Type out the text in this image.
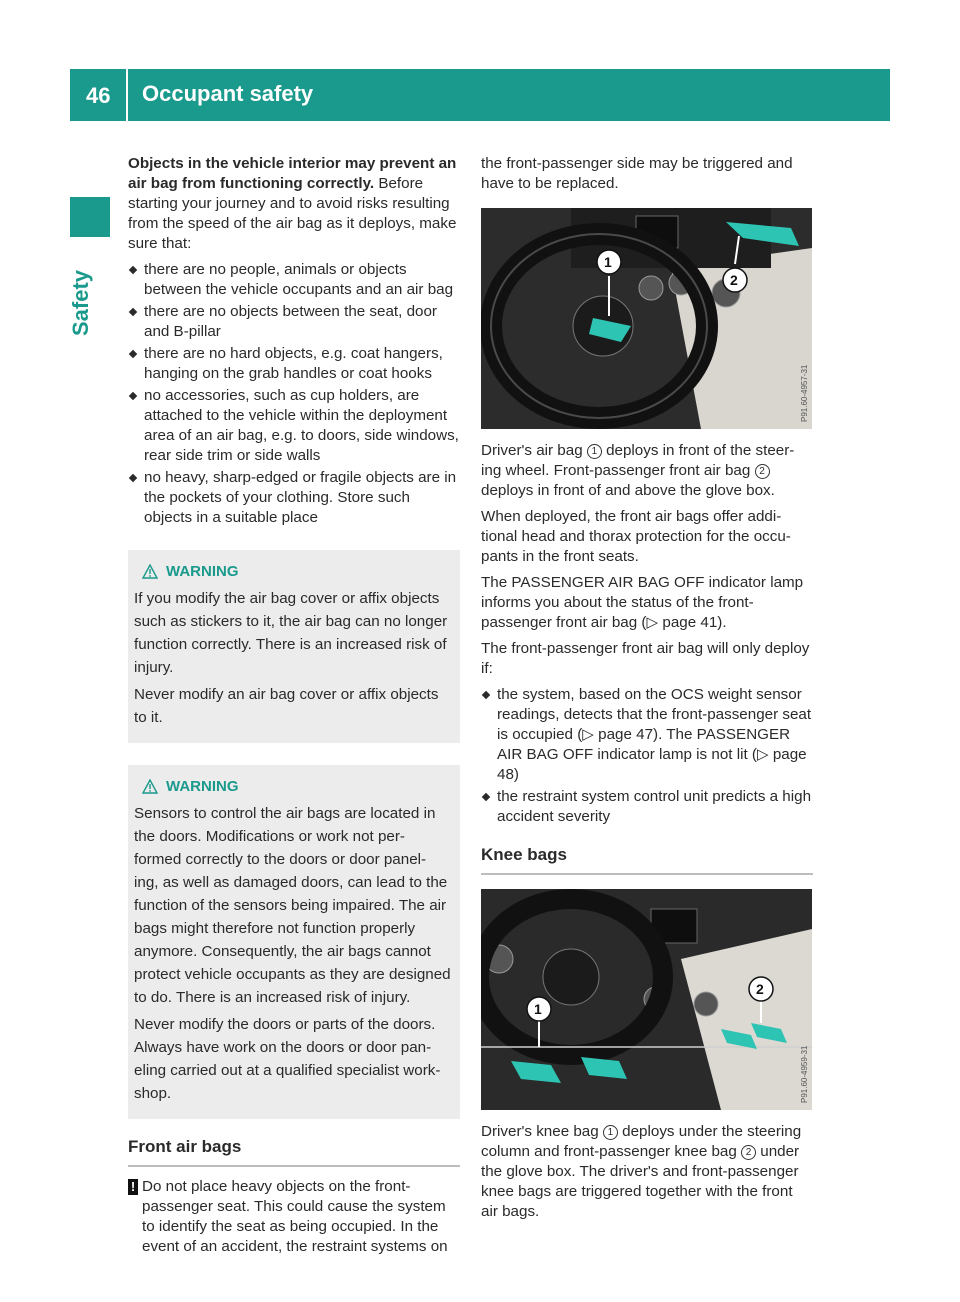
46 Occupant safety
Safety

Objects in the vehicle interior may prevent an air bag from functioning correctly. Before starting your journey and to avoid risks resulting from the speed of the air bag as it deploys, make sure that:

there are no people, animals or objects between the vehicle occupants and an air bag
there are no objects between the seat, door and B-pillar
there are no hard objects, e.g. coat hangers, hanging on the grab handles or coat hooks
no accessories, such as cup holders, are attached to the vehicle within the deployment area of an air bag, e.g. to doors, side windows, rear side trim or side walls
no heavy, sharp-edged or fragile objects are in the pockets of your clothing. Store such objects in a suitable place
WARNING

If you modify the air bag cover or affix objects such as stickers to it, the air bag can no longer function correctly. There is an increased risk of injury.

Never modify an air bag cover or affix objects to it.

WARNING

Sensors to control the air bags are located in the doors. Modifications or work not per- formed correctly to the doors or door panel- ing, as well as damaged doors, can lead to the function of the sensors being impaired. The air bags might therefore not function properly anymore. Consequently, the air bags cannot protect vehicle occupants as they are designed to do. There is an increased risk of injury.

Never modify the doors or parts of the doors. Always have work on the doors or door pan- eling carried out at a qualified specialist work- shop.

Front air bags
! Do not place heavy objects on the front- passenger seat. This could cause the system to identify the seat as being occupied. In the event of an accident, the restraint systems on

the front-passenger side may be triggered and have to be replaced.

1
2
P91.60-4957-31

Driver's air bag 1 deploys in front of the steer- ing wheel. Front-passenger front air bag 2 deploys in front of and above the glove box.

When deployed, the front air bags offer addi- tional head and thorax protection for the occu- pants in the front seats.

The PASSENGER AIR BAG OFF indicator lamp informs you about the status of the front- passenger front air bag (▷ page 41).

The front-passenger front air bag will only deploy if:

the system, based on the OCS weight sensor readings, detects that the front-passenger seat is occupied (▷ page 47). The PASSENGER AIR BAG OFF indicator lamp is not lit (▷ page 48)
the restraint system control unit predicts a high accident severity
Knee bags
1
2
P91.60-4959-31

Driver's knee bag 1 deploys under the steering column and front-passenger knee bag 2 under the glove box. The driver's and front-passenger knee bags are triggered together with the front air bags.
